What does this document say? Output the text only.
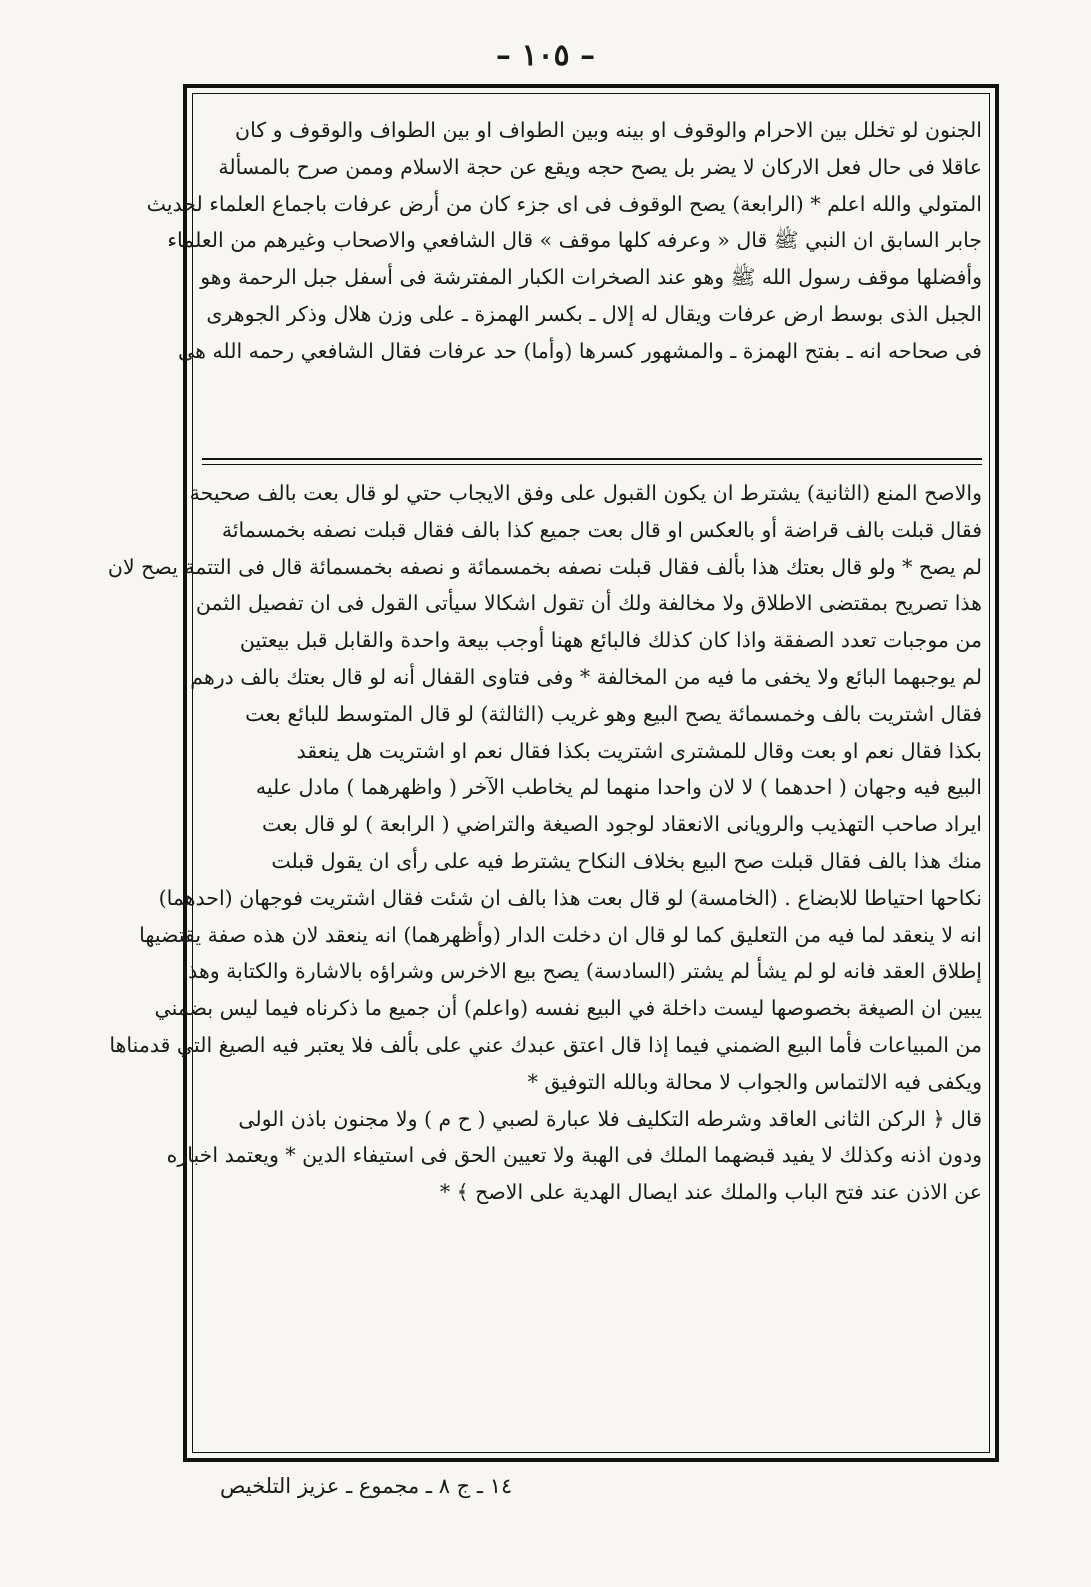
– ١٠٥ –
الجنون لو تخلل بين الاحرام والوقوف او بينه وبين الطواف او بين الطواف والوقوف و كان
عاقلا فى حال فعل الاركان لا يضر بل يصح حجه ويقع عن حجة الاسلام وممن صرح بالمسألة
المتولي والله اعلم * (الرابعة) يصح الوقوف فى اى جزء كان من أرض عرفات باجماع العلماء لحديث
جابر السابق ان النبي ﷺ قال « وعرفه كلها موقف » قال الشافعي والاصحاب وغيرهم من العلماء
وأفضلها موقف رسول الله ﷺ وهو عند الصخرات الكبار المفترشة فى أسفل جبل الرحمة وهو
الجبل الذى بوسط ارض عرفات ويقال له إلال ـ بكسر الهمزة ـ على وزن هلال وذكر الجوهرى
فى صحاحه انه ـ بفتح الهمزة ـ والمشهور كسرها (وأما) حد عرفات فقال الشافعي رحمه الله هى
والاصح المنع (الثانية) يشترط ان يكون القبول على وفق الايجاب حتي لو قال بعت بالف صحيحة
فقال قبلت بالف قراضة أو بالعكس او قال بعت جميع كذا بالف فقال قبلت نصفه بخمسمائة
لم يصح * ولو قال بعتك هذا بألف فقال قبلت نصفه بخمسمائة و نصفه بخمسمائة قال فى التتمة يصح لان
هذا تصريح بمقتضى الاطلاق ولا مخالفة ولك أن تقول اشكالا سيأتى القول فى ان تفصيل الثمن
من موجبات تعدد الصفقة واذا كان كذلك فالبائع ههنا أوجب بيعة واحدة والقابل قبل بيعتين
لم يوجبهما البائع ولا يخفى ما فيه من المخالفة * وفى فتاوى القفال أنه لو قال بعتك بالف درهم
فقال اشتريت بالف وخمسمائة يصح البيع وهو غريب (الثالثة) لو قال المتوسط للبائع بعت
بكذا فقال نعم او بعت وقال للمشترى اشتريت بكذا فقال نعم او اشتريت هل ينعقد
البيع فيه وجهان ( احدهما ) لا لان واحدا منهما لم يخاطب الآخر ( واظهرهما ) مادل عليه
ايراد صاحب التهذيب والرويانى الانعقاد لوجود الصيغة والتراضي ( الرابعة ) لو قال بعت
منك هذا بالف فقال قبلت صح البيع بخلاف النكاح يشترط فيه على رأى ان يقول قبلت
نكاحها احتياطا للابضاع . (الخامسة) لو قال بعت هذا بالف ان شئت فقال اشتريت فوجهان (احدهما)
انه لا ينعقد لما فيه من التعليق كما لو قال ان دخلت الدار (وأظهرهما) انه ينعقد لان هذه صفة يقتضيها
إطلاق العقد فانه لو لم يشأ لم يشتر (السادسة) يصح بيع الاخرس وشراؤه بالاشارة والكتابة وهذا
يبين ان الصيغة بخصوصها ليست داخلة في البيع نفسه (واعلم) أن جميع ما ذكرناه فيما ليس بضمني
من المبياعات فأما البيع الضمني فيما إذا قال اعتق عبدك عني على بألف فلا يعتبر فيه الصيغ التي قدمناها
ويكفى فيه الالتماس والجواب لا محالة وبالله التوفيق *
قال ﴿ الركن الثانى العاقد وشرطه التكليف فلا عبارة لصبي ( ح م ) ولا مجنون باذن الولى
ودون اذنه وكذلك لا يفيد قبضهما الملك فى الهبة ولا تعيين الحق فى استيفاء الدين * ويعتمد اخباره
عن الاذن عند فتح الباب والملك عند ايصال الهدية على الاصح ﴾ *
١٤ ـ ج ٨ ـ مجموع ـ عزيز التلخيص
